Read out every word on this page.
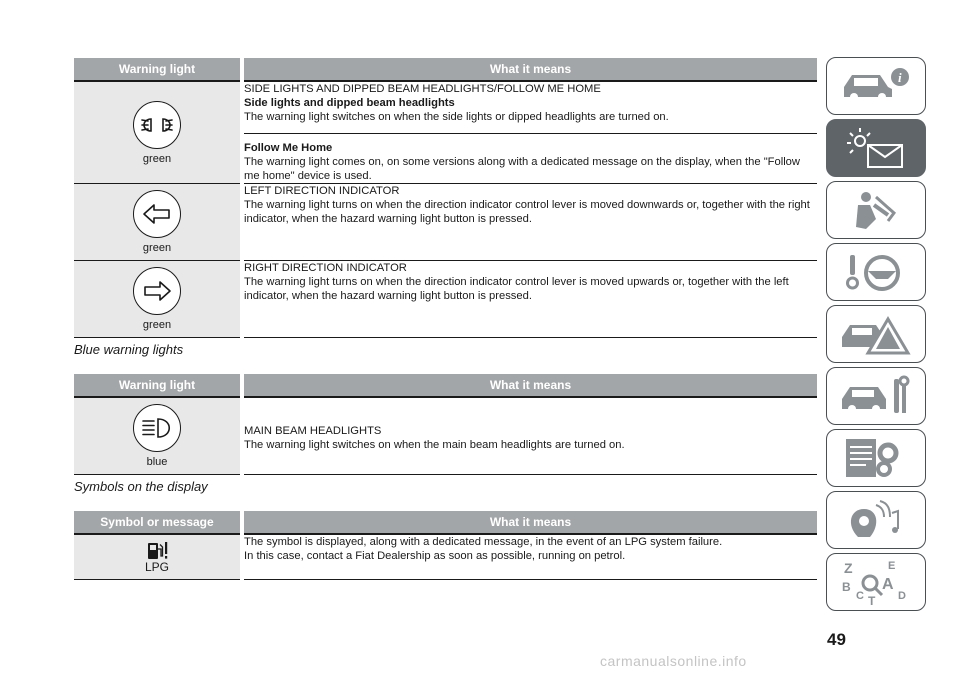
Warning light	What it means

green	SIDE LIGHTS AND DIPPED BEAM HEADLIGHTS/FOLLOW ME HOME
Side lights and dipped beam headlights
The warning light switches on when the side lights or dipped headlights are turned on.
Follow Me Home
The warning light comes on, on some versions along with a dedicated message on the display, when the "Follow me home" device is used.

green	LEFT DIRECTION INDICATOR
The warning light turns on when the direction indicator control lever is moved downwards or, together with the right indicator, when the hazard warning light button is pressed.

green	RIGHT DIRECTION INDICATOR
The warning light turns on when the direction indicator control lever is moved upwards or, together with the left indicator, when the hazard warning light button is pressed.
Blue warning lights
Warning light	What it means

blue	MAIN BEAM HEADLIGHTS
The warning light switches on when the main beam headlights are turned on.
Symbols on the display
Symbol or message	What it means

LPG	The symbol is displayed, along with a dedicated message, in the event of an LPG system failure.
In this case, contact a Fiat Dealership as soon as possible, running on petrol.
i
Z	E
B A
C	D
T
49
carmanualsonline.info
